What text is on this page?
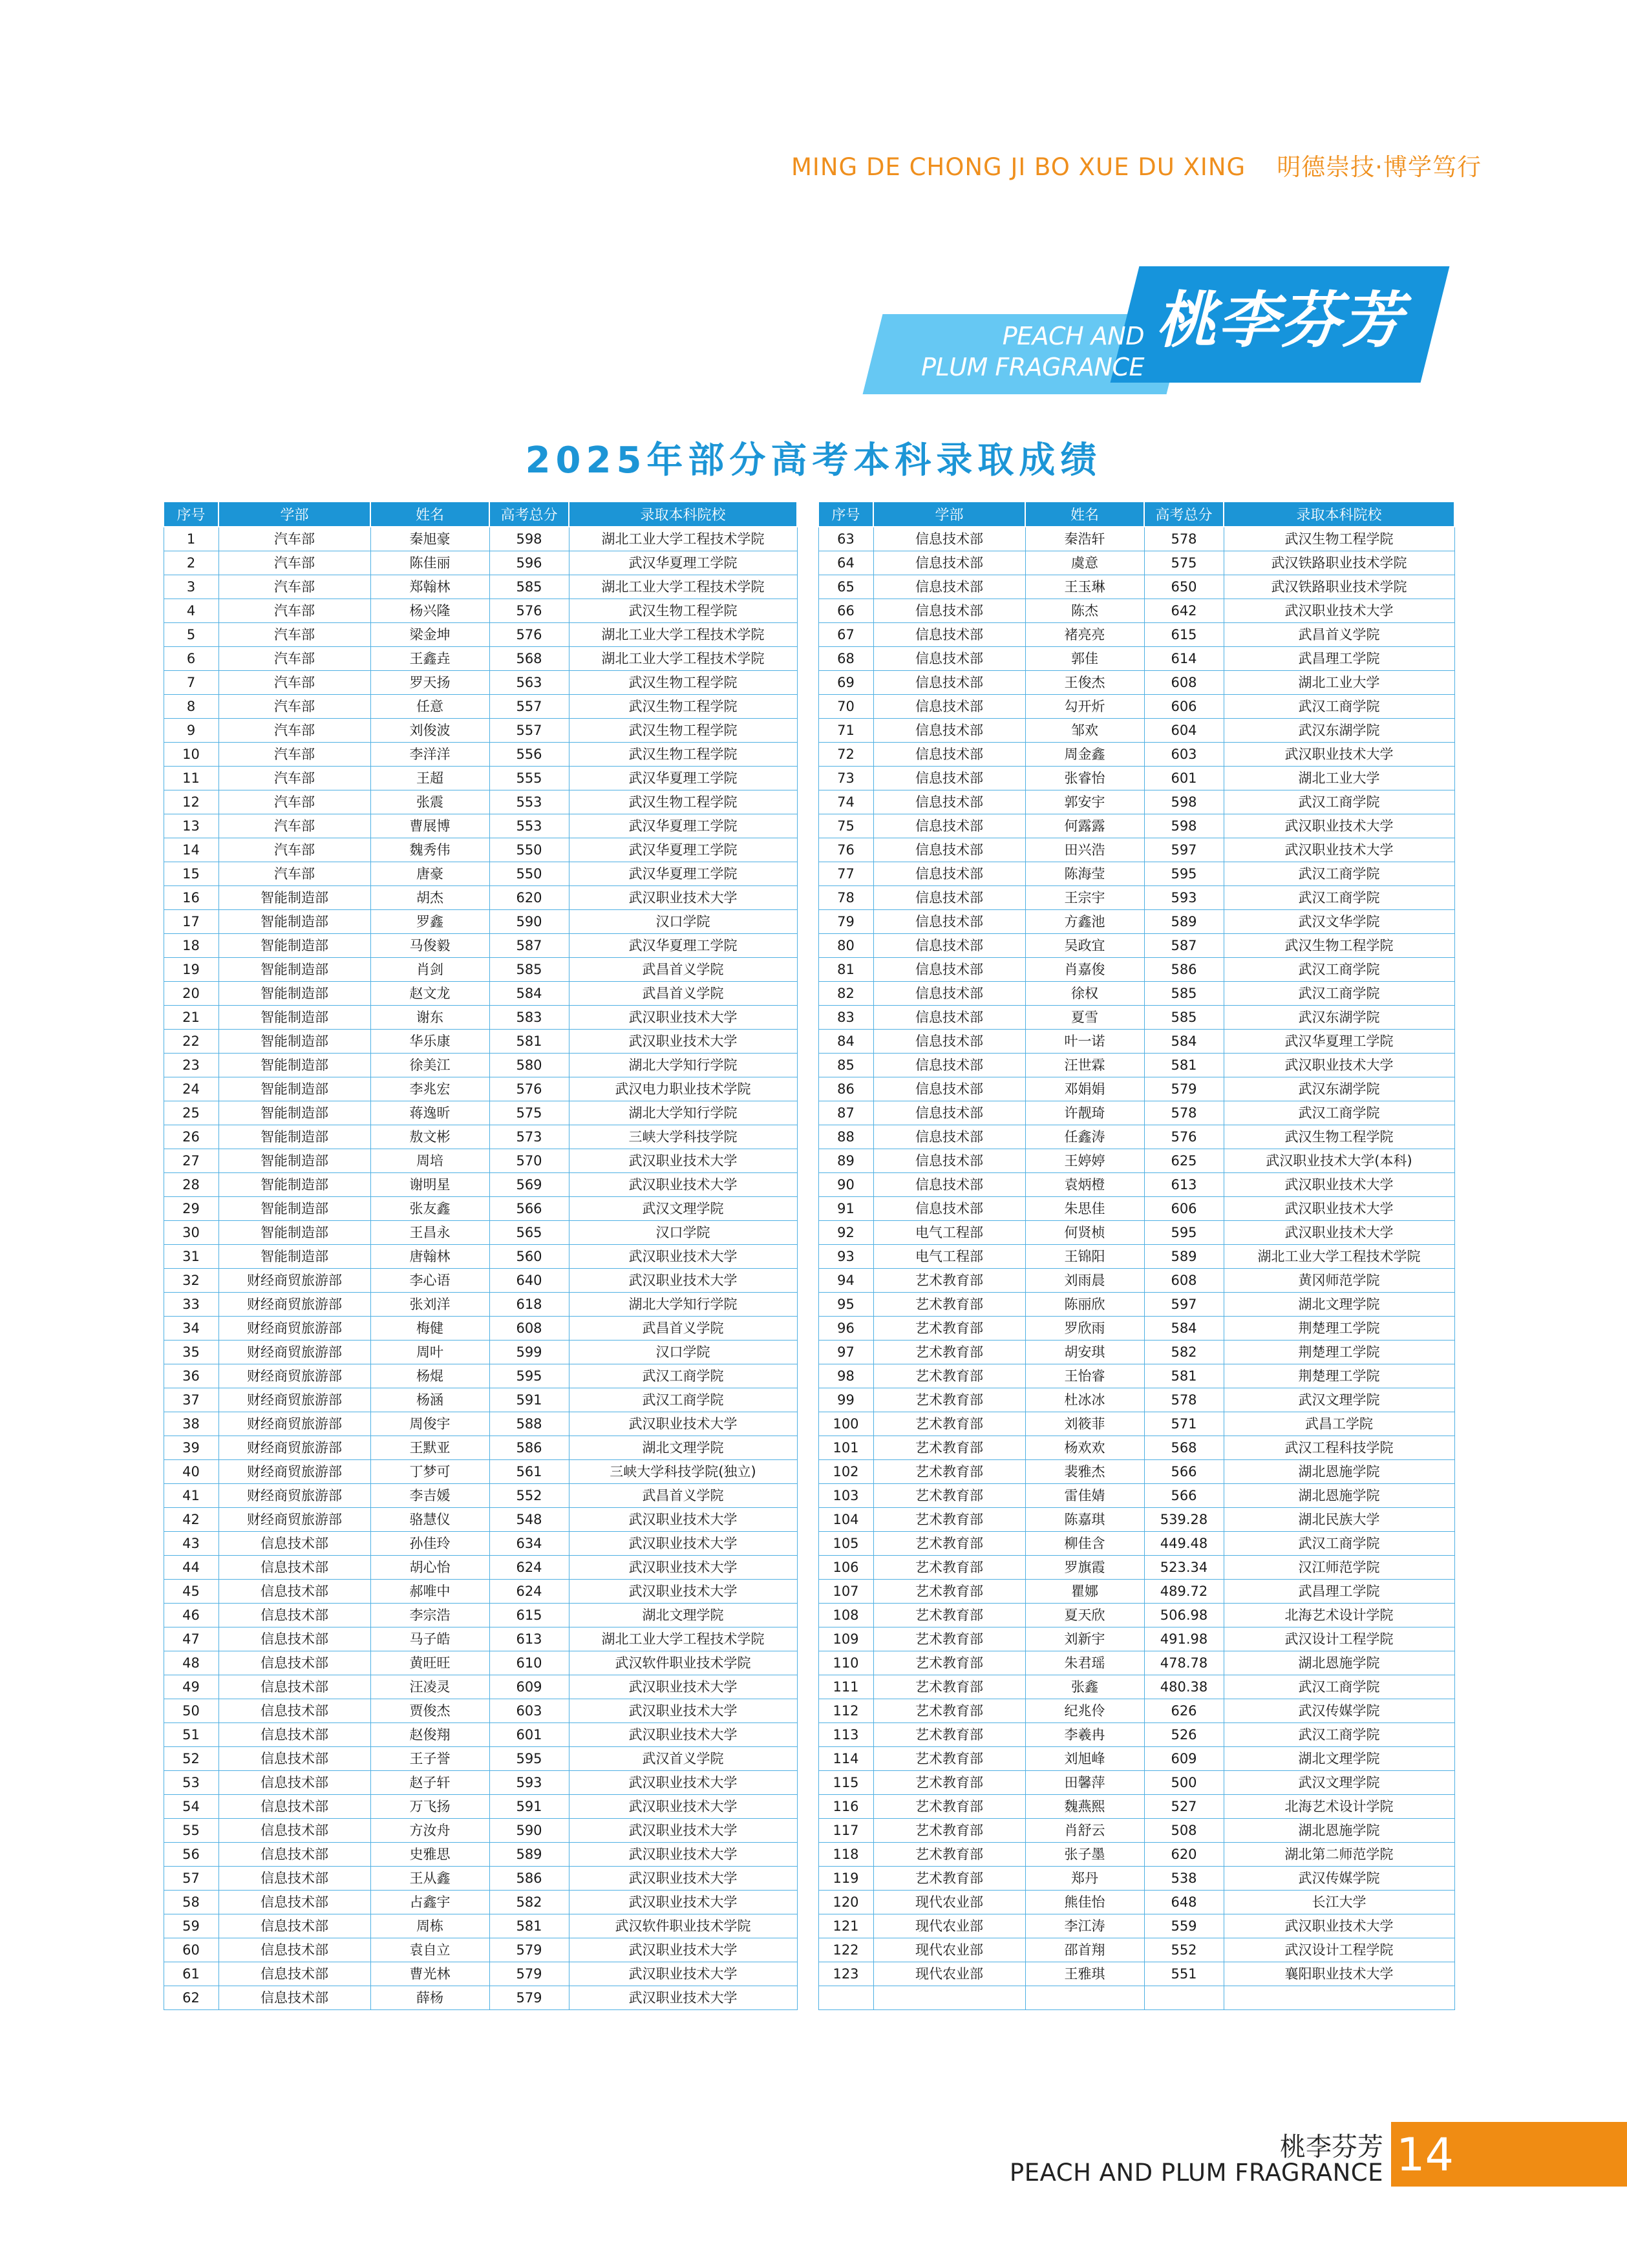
MING DE CHONG JI BO XUE DU XING 明德崇技·博学笃行
PEACH AND
PLUM FRAGRANCE
桃李芬芳
2025年部分高考本科录取成绩
序号	学部	姓名	高考总分	录取本科院校
1	汽车部	秦旭豪	598	湖北工业大学工程技术学院
2	汽车部	陈佳丽	596	武汉华夏理工学院
3	汽车部	郑翰林	585	湖北工业大学工程技术学院
4	汽车部	杨兴隆	576	武汉生物工程学院
5	汽车部	梁金坤	576	湖北工业大学工程技术学院
6	汽车部	王鑫垚	568	湖北工业大学工程技术学院
7	汽车部	罗天扬	563	武汉生物工程学院
8	汽车部	任意	557	武汉生物工程学院
9	汽车部	刘俊波	557	武汉生物工程学院
10	汽车部	李洋洋	556	武汉生物工程学院
11	汽车部	王超	555	武汉华夏理工学院
12	汽车部	张震	553	武汉生物工程学院
13	汽车部	曹展博	553	武汉华夏理工学院
14	汽车部	魏秀伟	550	武汉华夏理工学院
15	汽车部	唐豪	550	武汉华夏理工学院
16	智能制造部	胡杰	620	武汉职业技术大学
17	智能制造部	罗鑫	590	汉口学院
18	智能制造部	马俊毅	587	武汉华夏理工学院
19	智能制造部	肖剑	585	武昌首义学院
20	智能制造部	赵文龙	584	武昌首义学院
21	智能制造部	谢东	583	武汉职业技术大学
22	智能制造部	华乐康	581	武汉职业技术大学
23	智能制造部	徐美江	580	湖北大学知行学院
24	智能制造部	李兆宏	576	武汉电力职业技术学院
25	智能制造部	蒋逸昕	575	湖北大学知行学院
26	智能制造部	敖文彬	573	三峡大学科技学院
27	智能制造部	周培	570	武汉职业技术大学
28	智能制造部	谢明星	569	武汉职业技术大学
29	智能制造部	张友鑫	566	武汉文理学院
30	智能制造部	王昌永	565	汉口学院
31	智能制造部	唐翰林	560	武汉职业技术大学
32	财经商贸旅游部	李心语	640	武汉职业技术大学
33	财经商贸旅游部	张刘洋	618	湖北大学知行学院
34	财经商贸旅游部	梅健	608	武昌首义学院
35	财经商贸旅游部	周叶	599	汉口学院
36	财经商贸旅游部	杨焜	595	武汉工商学院
37	财经商贸旅游部	杨涵	591	武汉工商学院
38	财经商贸旅游部	周俊宇	588	武汉职业技术大学
39	财经商贸旅游部	王默亚	586	湖北文理学院
40	财经商贸旅游部	丁梦可	561	三峡大学科技学院(独立)
41	财经商贸旅游部	李吉媛	552	武昌首义学院
42	财经商贸旅游部	骆慧仪	548	武汉职业技术大学
43	信息技术部	孙佳玲	634	武汉职业技术大学
44	信息技术部	胡心怡	624	武汉职业技术大学
45	信息技术部	郝唯中	624	武汉职业技术大学
46	信息技术部	李宗浩	615	湖北文理学院
47	信息技术部	马子皓	613	湖北工业大学工程技术学院
48	信息技术部	黄旺旺	610	武汉软件职业技术学院
49	信息技术部	汪凌灵	609	武汉职业技术大学
50	信息技术部	贾俊杰	603	武汉职业技术大学
51	信息技术部	赵俊翔	601	武汉职业技术大学
52	信息技术部	王子誉	595	武汉首义学院
53	信息技术部	赵子轩	593	武汉职业技术大学
54	信息技术部	万飞扬	591	武汉职业技术大学
55	信息技术部	方汝舟	590	武汉职业技术大学
56	信息技术部	史雅思	589	武汉职业技术大学
57	信息技术部	王从鑫	586	武汉职业技术大学
58	信息技术部	占鑫宇	582	武汉职业技术大学
59	信息技术部	周栋	581	武汉软件职业技术学院
60	信息技术部	袁自立	579	武汉职业技术大学
61	信息技术部	曹光林	579	武汉职业技术大学
62	信息技术部	薛杨	579	武汉职业技术大学
序号	学部	姓名	高考总分	录取本科院校
63	信息技术部	秦浩轩	578	武汉生物工程学院
64	信息技术部	虞意	575	武汉铁路职业技术学院
65	信息技术部	王玉琳	650	武汉铁路职业技术学院
66	信息技术部	陈杰	642	武汉职业技术大学
67	信息技术部	褚亮亮	615	武昌首义学院
68	信息技术部	郭佳	614	武昌理工学院
69	信息技术部	王俊杰	608	湖北工业大学
70	信息技术部	勾开炘	606	武汉工商学院
71	信息技术部	邹欢	604	武汉东湖学院
72	信息技术部	周金鑫	603	武汉职业技术大学
73	信息技术部	张睿怡	601	湖北工业大学
74	信息技术部	郭安宇	598	武汉工商学院
75	信息技术部	何露露	598	武汉职业技术大学
76	信息技术部	田兴浩	597	武汉职业技术大学
77	信息技术部	陈海莹	595	武汉工商学院
78	信息技术部	王宗宇	593	武汉工商学院
79	信息技术部	方鑫池	589	武汉文华学院
80	信息技术部	吴政宜	587	武汉生物工程学院
81	信息技术部	肖嘉俊	586	武汉工商学院
82	信息技术部	徐权	585	武汉工商学院
83	信息技术部	夏雪	585	武汉东湖学院
84	信息技术部	叶一诺	584	武汉华夏理工学院
85	信息技术部	汪世霖	581	武汉职业技术大学
86	信息技术部	邓娟娟	579	武汉东湖学院
87	信息技术部	许靓琦	578	武汉工商学院
88	信息技术部	任鑫涛	576	武汉生物工程学院
89	信息技术部	王婷婷	625	武汉职业技术大学(本科)
90	信息技术部	袁炳橙	613	武汉职业技术大学
91	信息技术部	朱思佳	606	武汉职业技术大学
92	电气工程部	何贤桢	595	武汉职业技术大学
93	电气工程部	王锦阳	589	湖北工业大学工程技术学院
94	艺术教育部	刘雨晨	608	黄冈师范学院
95	艺术教育部	陈丽欣	597	湖北文理学院
96	艺术教育部	罗欣雨	584	荆楚理工学院
97	艺术教育部	胡安琪	582	荆楚理工学院
98	艺术教育部	王怡睿	581	荆楚理工学院
99	艺术教育部	杜冰冰	578	武汉文理学院
100	艺术教育部	刘筱菲	571	武昌工学院
101	艺术教育部	杨欢欢	568	武汉工程科技学院
102	艺术教育部	裴雅杰	566	湖北恩施学院
103	艺术教育部	雷佳婧	566	湖北恩施学院
104	艺术教育部	陈嘉琪	539.28	湖北民族大学
105	艺术教育部	柳佳含	449.48	武汉工商学院
106	艺术教育部	罗旗霞	523.34	汉江师范学院
107	艺术教育部	瞿娜	489.72	武昌理工学院
108	艺术教育部	夏天欣	506.98	北海艺术设计学院
109	艺术教育部	刘新宇	491.98	武汉设计工程学院
110	艺术教育部	朱君瑶	478.78	湖北恩施学院
111	艺术教育部	张鑫	480.38	武汉工商学院
112	艺术教育部	纪兆伶	626	武汉传媒学院
113	艺术教育部	李羲冉	526	武汉工商学院
114	艺术教育部	刘旭峰	609	湖北文理学院
115	艺术教育部	田馨萍	500	武汉文理学院
116	艺术教育部	魏燕熙	527	北海艺术设计学院
117	艺术教育部	肖舒云	508	湖北恩施学院
118	艺术教育部	张子墨	620	湖北第二师范学院
119	艺术教育部	郑丹	538	武汉传媒学院
120	现代农业部	熊佳怡	648	长江大学
121	现代农业部	李江涛	559	武汉职业技术大学
122	现代农业部	邵首翔	552	武汉设计工程学院
123	现代农业部	王雅琪	551	襄阳职业技术大学

桃李芬芳
PEACH AND PLUM FRAGRANCE 14
